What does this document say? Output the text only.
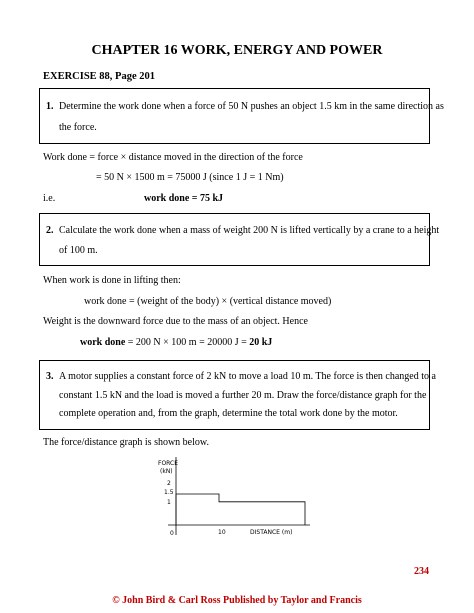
CHAPTER 16 WORK, ENERGY AND POWER
EXERCISE 88, Page 201
1. Determine the work done when a force of 50 N pushes an object 1.5 km in the same direction as
the force.
Work done = force × distance moved in the direction of the force
= 50 N × 1500 m = 75000 J (since 1 J = 1 Nm)
i.e.	work done = 75 kJ
2. Calculate the work done when a mass of weight 200 N is lifted vertically by a crane to a height
of 100 m.
When work is done in lifting then:
work done = (weight of the body) × (vertical distance moved)
Weight is the downward force due to the mass of an object. Hence
work done = 200 N × 100 m = 20000 J = 20 kJ
3. A motor supplies a constant force of 2 kN to move a load 10 m. The force is then changed to a
constant 1.5 kN and the load is moved a further 20 m. Draw the force/distance graph for the
complete operation and, from the graph, determine the total work done by the motor.
The force/distance graph is shown below.
FORCE
(kN)
2
1.5
1
0	10	DISTANCE (m)
234
© John Bird & Carl Ross Published by Taylor and Francis
